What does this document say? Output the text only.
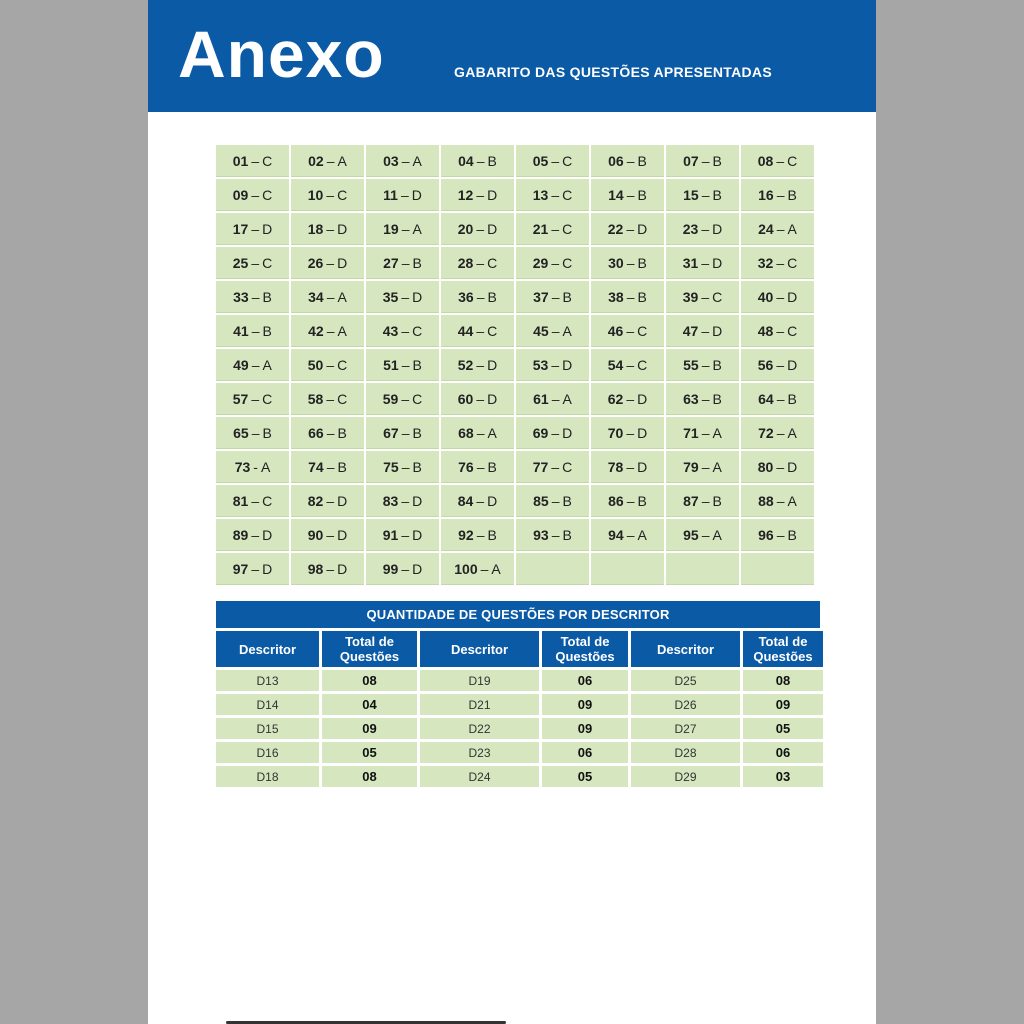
Anexo	GABARITO DAS QUESTÕES APRESENTADAS
01 – C	02 – A	03 – A	04 – B	05 – C	06 – B	07 – B	08 – C
09 – C	10 – C	11 – D	12 – D	13 – C	14 – B	15 – B	16 – B
17 – D	18 – D	19 – A	20 – D	21 – C	22 – D	23 – D	24 – A
25 – C	26 – D	27 – B	28 – C	29 – C	30 – B	31 – D	32 – C
33 – B	34 – A	35 – D	36 – B	37 – B	38 – B	39 – C	40 – D
41 – B	42 – A	43 – C	44 – C	45 – A	46 – C	47 – D	48 – C
49 – A	50 – C	51 – B	52 – D	53 – D	54 – C	55 – B	56 – D
57 – C	58 – C	59 – C	60 – D	61 – A	62 – D	63 – B	64 – B
65 – B	66 – B	67 – B	68 – A	69 – D	70 – D	71 – A	72 – A
73 - A	74 – B	75 – B	76 – B	77 – C	78 – D	79 – A	80 – D
81 – C	82 – D	83 – D	84 – D	85 – B	86 – B	87 – B	88 – A
89 – D	90 – D	91 – D	92 – B	93 – B	94 – A	95 – A	96 – B
97 – D	98 – D	99 – D 100 – A
QUANTIDADE DE QUESTÕES POR DESCRITOR
Descritor	Total de Questões	Descritor	Total de Questões	Descritor	Total de Questões
D13	08	D19	06	D25	08
D14	04	D21	09	D26	09
D15	09	D22	09	D27	05
D16	05	D23	06	D28	06
D18	08	D24	05	D29	03
